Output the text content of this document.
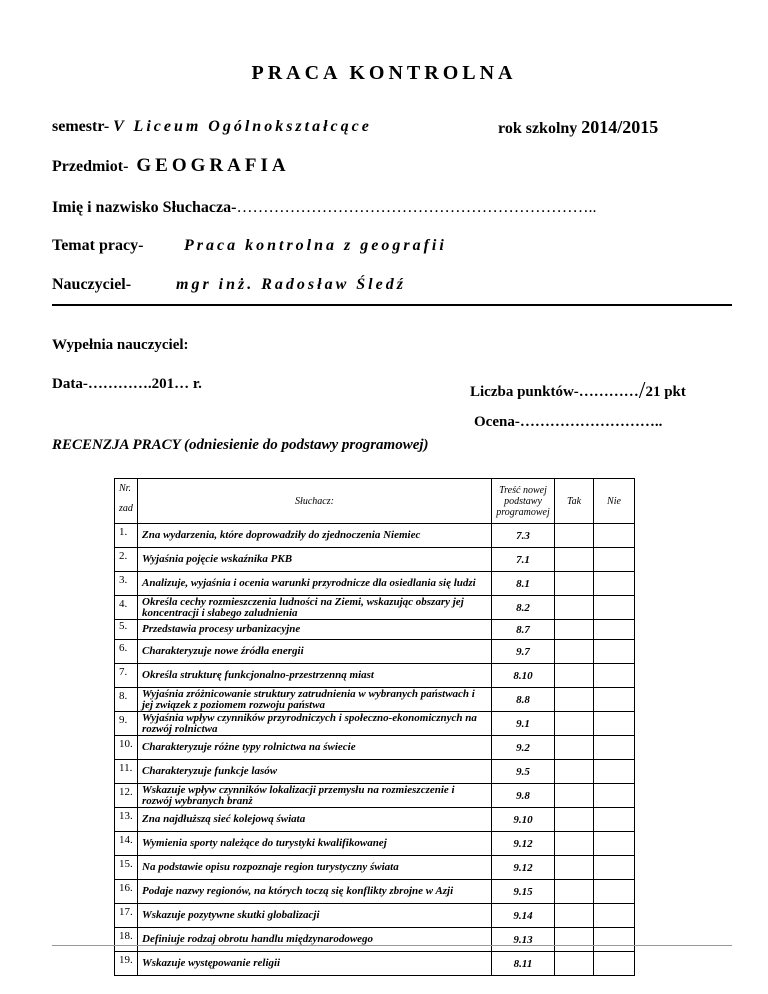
PRACA KONTROLNA
semestr- V Liceum Ogólnokształcące	rok szkolny 2014/2015
Przedmiot- GEOGRAFIA
Imię i nazwisko Słuchacza-…………………………………………………………..
Temat pracy-	Praca kontrolna z geografii
Nauczyciel-	mgr inż. Radosław Śledź
Wypełnia nauczyciel:
Data-………….201… r.	Liczba punktów-…………/21 pkt
Ocena-………………………..
RECENZJA PRACY (odniesienie do podstawy programowej)
Nr.
zad	Słuchacz:	Treść nowej podstawy programowej	Tak	Nie
1.	Zna wydarzenia, które doprowadziły do zjednoczenia Niemiec	7.3		
2.	Wyjaśnia pojęcie wskaźnika PKB	7.1		
3.	Analizuje, wyjaśnia i ocenia warunki przyrodnicze dla osiedlania się ludzi	8.1		
4.	Określa cechy rozmieszczenia ludności na Ziemi, wskazując obszary jej koncentracji i słabego zaludnienia	8.2		
5.	Przedstawia procesy urbanizacyjne	8.7		
6.	Charakteryzuje nowe źródła energii	9.7		
7.	Określa strukturę funkcjonalno-przestrzenną miast	8.10		
8.	Wyjaśnia zróżnicowanie struktury zatrudnienia w wybranych państwach i jej związek z poziomem rozwoju państwa	8.8		
9.	Wyjaśnia wpływ czynników przyrodniczych i społeczno-ekonomicznych na rozwój rolnictwa	9.1		
10.	Charakteryzuje różne typy rolnictwa na świecie	9.2		
11.	Charakteryzuje funkcje lasów	9.5		
12.	Wskazuje wpływ czynników lokalizacji przemysłu na rozmieszczenie i rozwój wybranych branż	9.8		
13.	Zna najdłuższą sieć kolejową świata	9.10		
14.	Wymienia sporty należące do turystyki kwalifikowanej	9.12		
15.	Na podstawie opisu rozpoznaje region turystyczny świata	9.12		
16.	Podaje nazwy regionów, na których toczą się konflikty zbrojne w Azji	9.15		
17.	Wskazuje pozytywne skutki globalizacji	9.14		
18.	Definiuje rodzaj obrotu handlu międzynarodowego	9.13		
19.	Wskazuje występowanie religii	8.11		
